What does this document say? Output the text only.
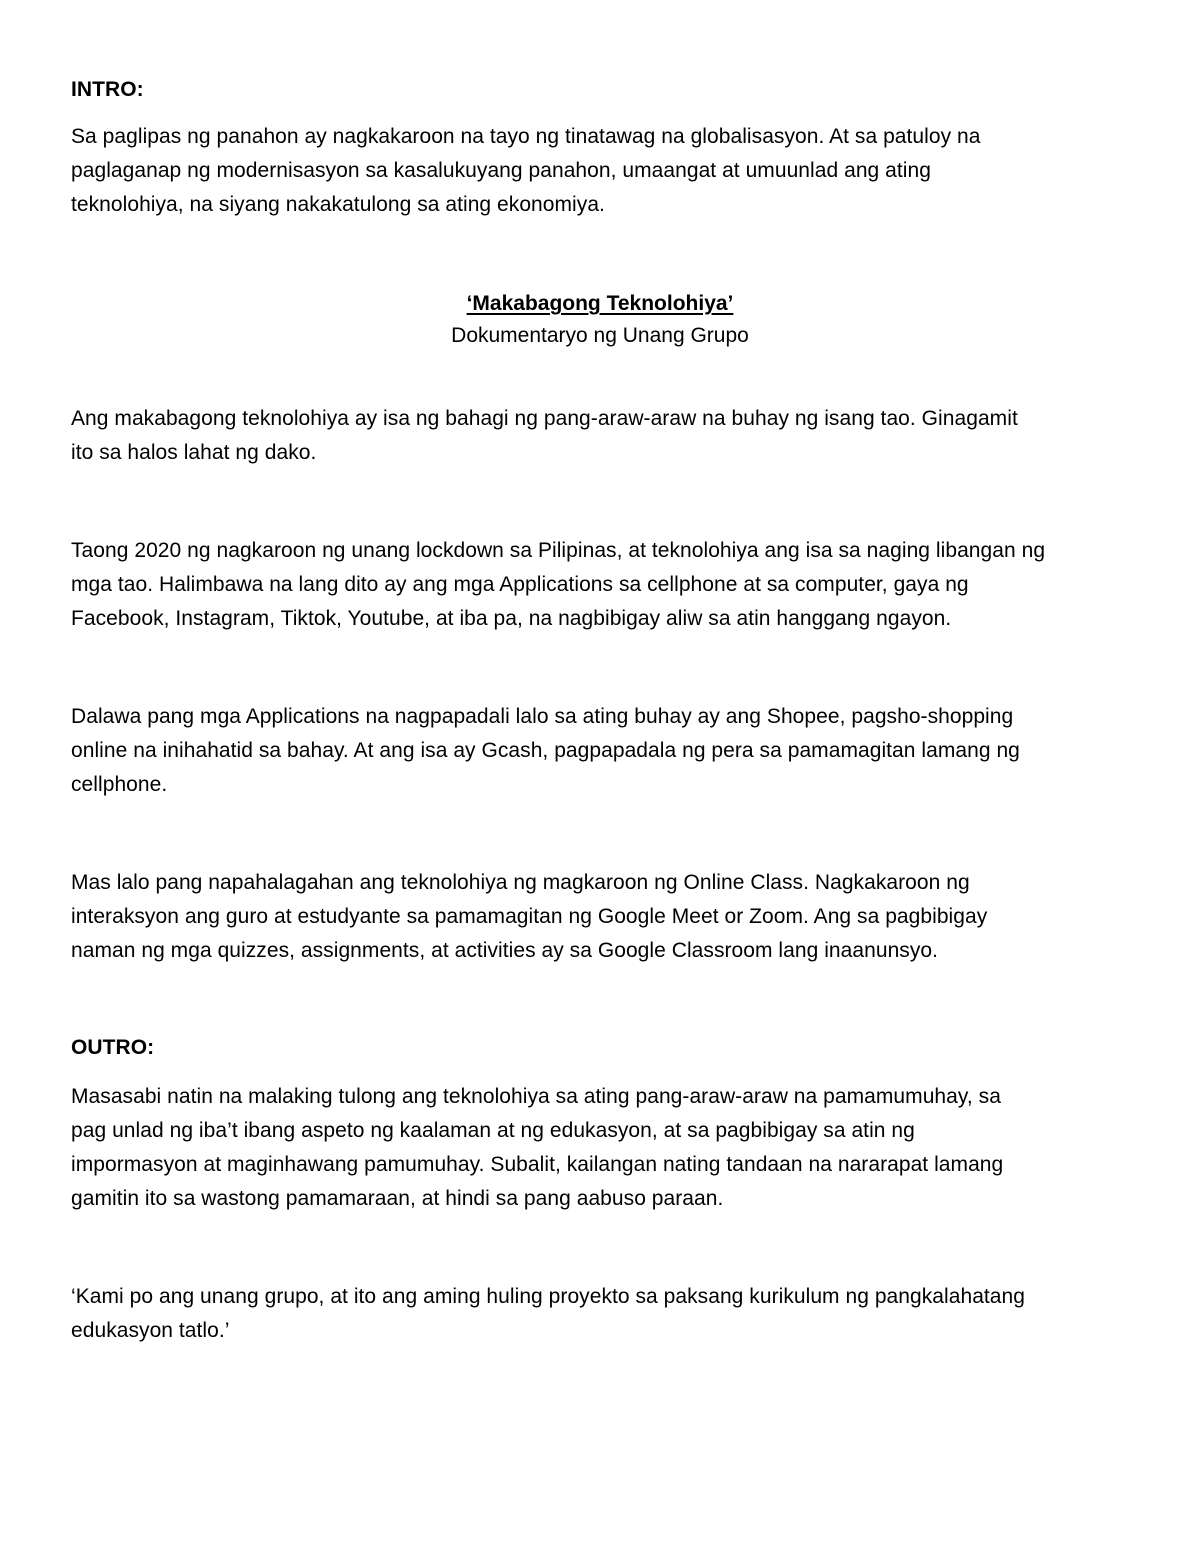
INTRO:
Sa paglipas ng panahon ay nagkakaroon na tayo ng tinatawag na globalisasyon. At sa patuloy na
paglaganap ng modernisasyon sa kasalukuyang panahon, umaangat at umuunlad ang ating
teknolohiya, na siyang nakakatulong sa ating ekonomiya.
‘Makabagong Teknolohiya’
Dokumentaryo ng Unang Grupo
Ang makabagong teknolohiya ay isa ng bahagi ng pang-araw-araw na buhay ng isang tao. Ginagamit
ito sa halos lahat ng dako.
Taong 2020 ng nagkaroon ng unang lockdown sa Pilipinas, at teknolohiya ang isa sa naging libangan ng
mga tao. Halimbawa na lang dito ay ang mga Applications sa cellphone at sa computer, gaya ng
Facebook, Instagram, Tiktok, Youtube, at iba pa, na nagbibigay aliw sa atin hanggang ngayon.
Dalawa pang mga Applications na nagpapadali lalo sa ating buhay ay ang Shopee, pagsho-shopping
online na inihahatid sa bahay. At ang isa ay Gcash, pagpapadala ng pera sa pamamagitan lamang ng
cellphone.
Mas lalo pang napahalagahan ang teknolohiya ng magkaroon ng Online Class. Nagkakaroon ng
interaksyon ang guro at estudyante sa pamamagitan ng Google Meet or Zoom. Ang sa pagbibigay
naman ng mga quizzes, assignments, at activities ay sa Google Classroom lang inaanunsyo.
OUTRO:
Masasabi natin na malaking tulong ang teknolohiya sa ating pang-araw-araw na pamamumuhay, sa
pag unlad ng iba’t ibang aspeto ng kaalaman at ng edukasyon, at sa pagbibigay sa atin ng
impormasyon at maginhawang pamumuhay. Subalit, kailangan nating tandaan na nararapat lamang
gamitin ito sa wastong pamamaraan, at hindi sa pang aabuso paraan.
‘Kami po ang unang grupo, at ito ang aming huling proyekto sa paksang kurikulum ng pangkalahatang
edukasyon tatlo.’
